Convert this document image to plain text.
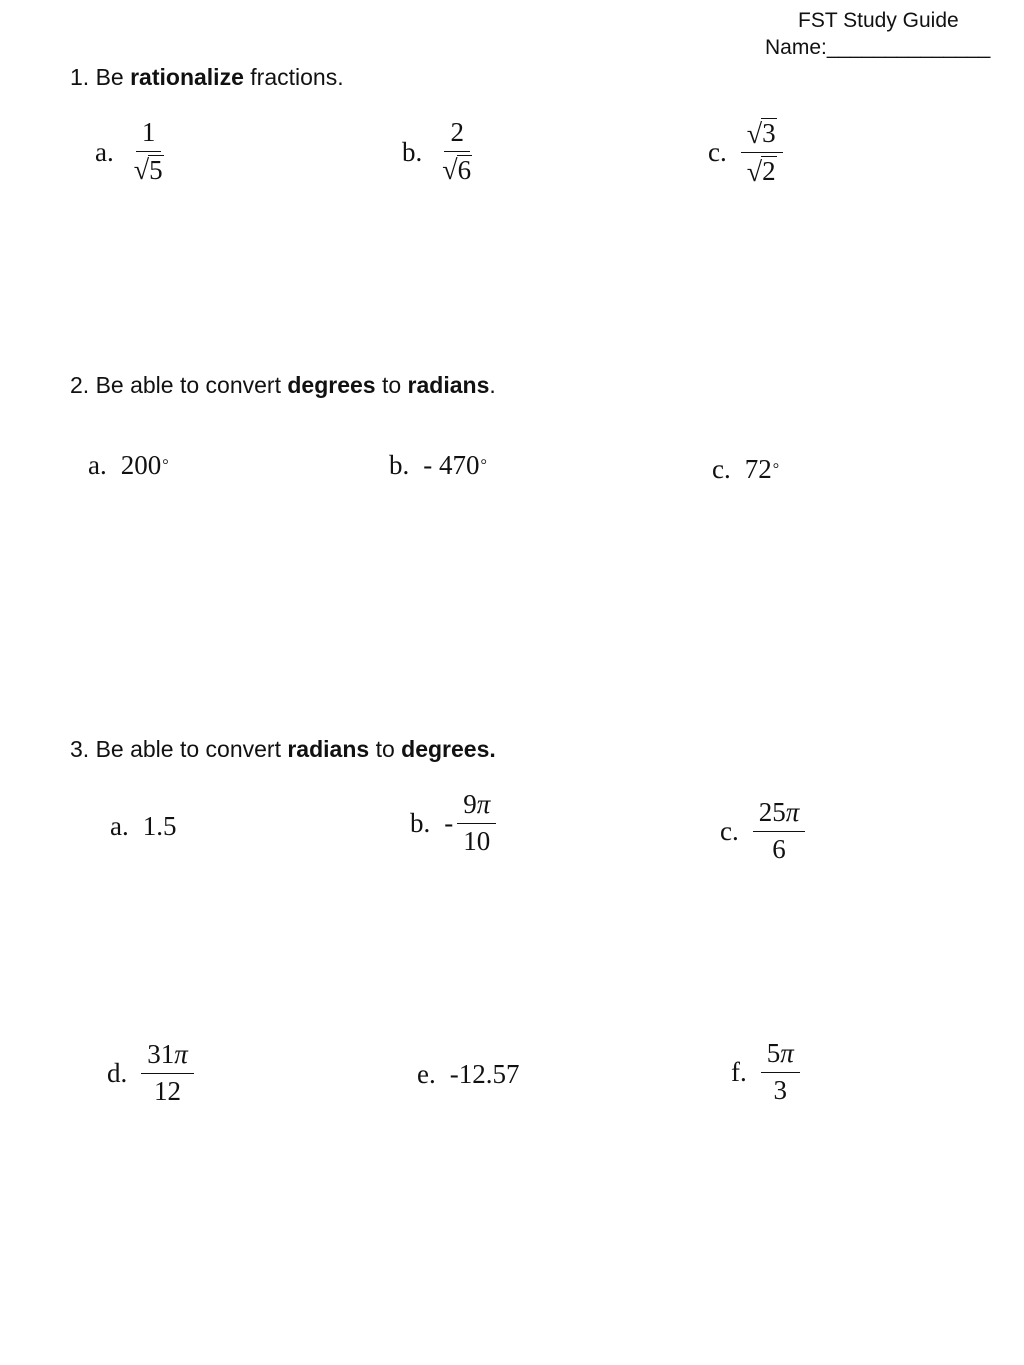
FST Study Guide
Name:______________
1. Be rationalize fractions.
a. $\frac{1}{√ 5}$	b. $\frac{2}{√ 6}$	c. $\frac{√ 3}{√ 2}$
2. Be able to convert degrees to radians.
a. 200 °	b. - 470 °	c. 72 °
3. Be able to convert radians to degrees.
a. 1.5	b. - $\frac{9\pi}{10}$	c. $\frac{25\pi}{6}$
d. $\frac{31\pi}{12}$	e. -12.57	f. $\frac{5\pi}{3}$
